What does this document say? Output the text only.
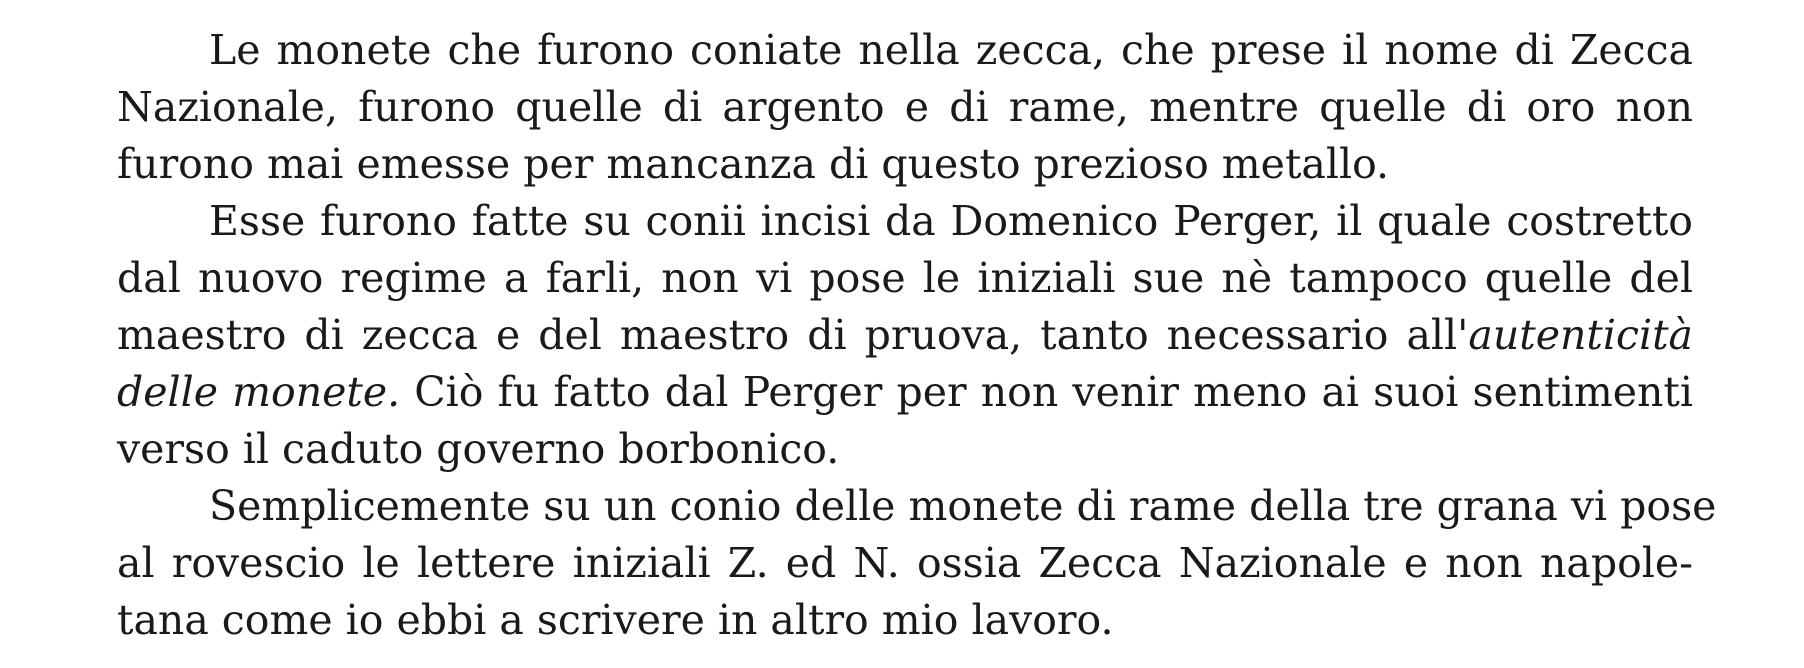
Le monete che furono coniate nella zecca, che prese il nome di Zecca
Nazionale, furono quelle di argento e di rame, mentre quelle di oro non
furono mai emesse per mancanza di questo prezioso metallo.
Esse furono fatte su conii incisi da Domenico Perger, il quale costretto
dal nuovo regime a farli, non vi pose le iniziali sue nè tampoco quelle del
maestro di zecca e del maestro di pruova, tanto necessario all'autenticità
delle monete. Ciò fu fatto dal Perger per non venir meno ai suoi sentimenti
verso il caduto governo borbonico.
Semplicemente su un conio delle monete di rame della tre grana vi pose
al rovescio le lettere iniziali Z. ed N. ossia Zecca Nazionale e non napole-
tana come io ebbi a scrivere in altro mio lavoro.
